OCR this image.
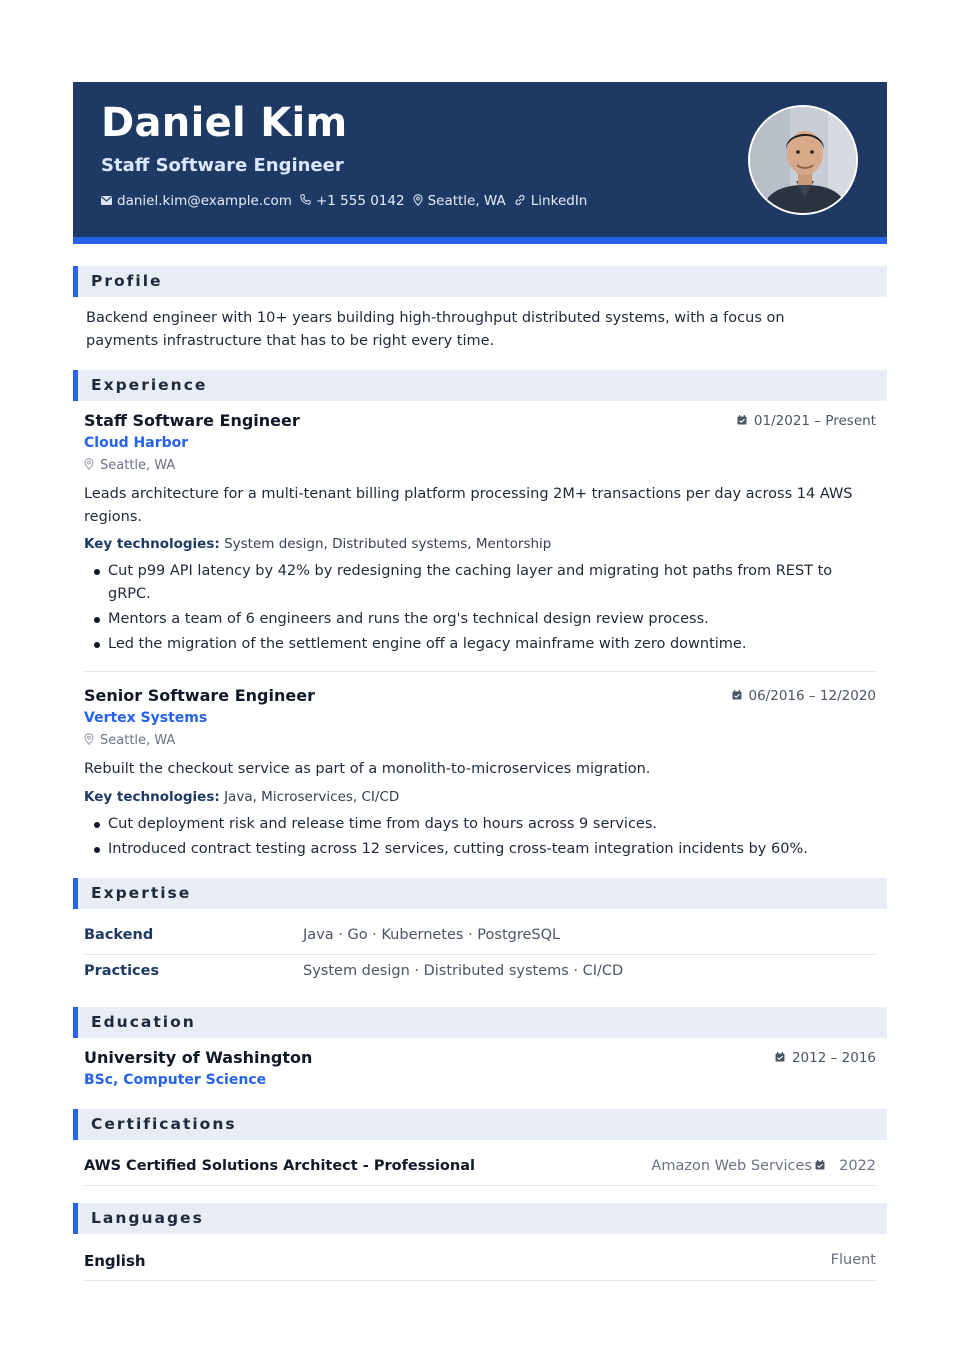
Daniel Kim
Staff Software Engineer
daniel.kim@example.com +1 555 0142 Seattle, WA LinkedIn
Profile
Backend engineer with 10+ years building high-throughput distributed systems, with a focus on payments infrastructure that has to be right every time.
Experience
Staff Software Engineer	01/2021 – Present
Cloud Harbor
Seattle, WA
Leads architecture for a multi-tenant billing platform processing 2M+ transactions per day across 14 AWS regions.
Key technologies: System design, Distributed systems, Mentorship
Cut p99 API latency by 42% by redesigning the caching layer and migrating hot paths from REST to gRPC.
Mentors a team of 6 engineers and runs the org's technical design review process.
Led the migration of the settlement engine off a legacy mainframe with zero downtime.
Senior Software Engineer	06/2016 – 12/2020
Vertex Systems
Seattle, WA
Rebuilt the checkout service as part of a monolith-to-microservices migration.
Key technologies: Java, Microservices, CI/CD
Cut deployment risk and release time from days to hours across 9 services.
Introduced contract testing across 12 services, cutting cross-team integration incidents by 60%.
Expertise
Backend	Java · Go · Kubernetes · PostgreSQL
Practices	System design · Distributed systems · CI/CD
Education
University of Washington	2012 – 2016
BSc, Computer Science
Certifications
AWS Certified Solutions Architect - Professional	Amazon Web Services 2022
Languages
English	Fluent
